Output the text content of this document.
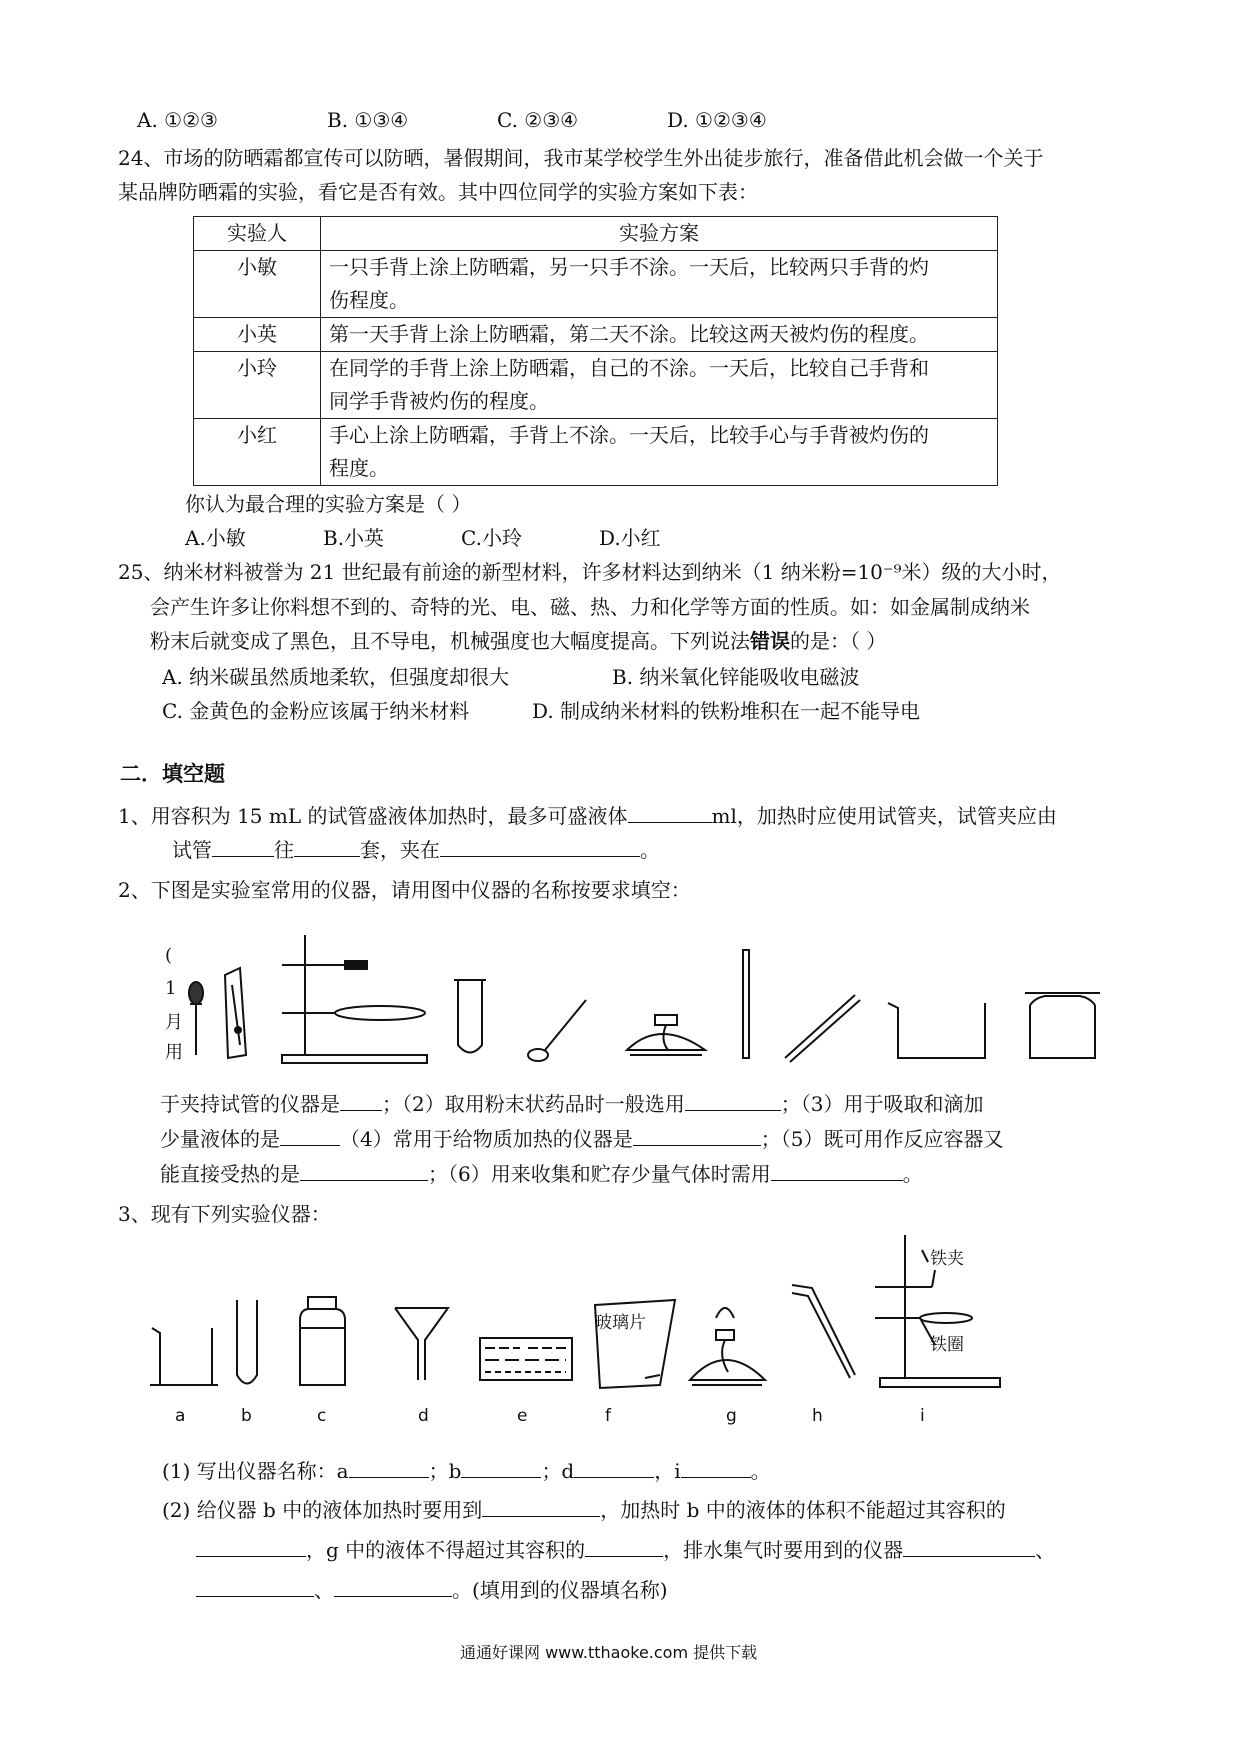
A. ①②③	B. ①③④	C. ②③④	D. ①②③④
24、市场的防晒霜都宣传可以防晒，暑假期间，我市某学校学生外出徒步旅行，准备借此机会做一个关于
某品牌防晒霜的实验，看它是否有效。其中四位同学的实验方案如下表：
实验人	实验方案
小敏	一只手背上涂上防晒霜，另一只手不涂。一天后，比较两只手背的灼
伤程度。
小英	第一天手背上涂上防晒霜，第二天不涂。比较这两天被灼伤的程度。
小玲	在同学的手背上涂上防晒霜，自己的不涂。一天后，比较自己手背和
同学手背被灼伤的程度。
小红	手心上涂上防晒霜，手背上不涂。一天后，比较手心与手背被灼伤的
程度。
你认为最合理的实验方案是（ ）
A.小敏	B.小英	C.小玲	D.小红
25、纳米材料被誉为 21 世纪最有前途的新型材料，许多材料达到纳米（1 纳米粉=10⁻⁹米）级的大小时，
会产生许多让你料想不到的、奇特的光、电、磁、热、力和化学等方面的性质。如：如金属制成纳米
粉末后就变成了黑色，且不导电，机械强度也大幅度提高。下列说法错误的是：（ ）
A. 纳米碳虽然质地柔软，但强度却很大	B. 纳米氧化锌能吸收电磁波
C. 金黄色的金粉应该属于纳米材料	D. 制成纳米材料的铁粉堆积在一起不能导电
二．填空题
1、用容积为 15 mL 的试管盛液体加热时，最多可盛液体	ml，加热时应使用试管夹，试管夹应由
试管	往	套，夹在	。
2、下图是实验室常用的仪器，请用图中仪器的名称按要求填空：
(
1
月
用
于夹持试管的仪器是 ；（2）取用粉末状药品时一般选用	；（3）用于吸取和滴加
少量液体的是	（4）常用于给物质加热的仪器是	；（5）既可用作反应容器又
能直接受热的是	；（6）用来收集和贮存少量气体时需用	。
3、现有下列实验仪器：
玻璃片
铁夹
铁圈
a	b	c	d	e	f	g	h	i
(1) 写出仪器名称：a	；b	；d	，i	。
(2) 给仪器 b 中的液体加热时要用到	，加热时 b 中的液体的体积不能超过其容积的
，g 中的液体不得超过其容积的	，排水集气时要用到的仪器	、
、	。(填用到的仪器填名称)
通通好课网 www.tthaoke.com 提供下载
